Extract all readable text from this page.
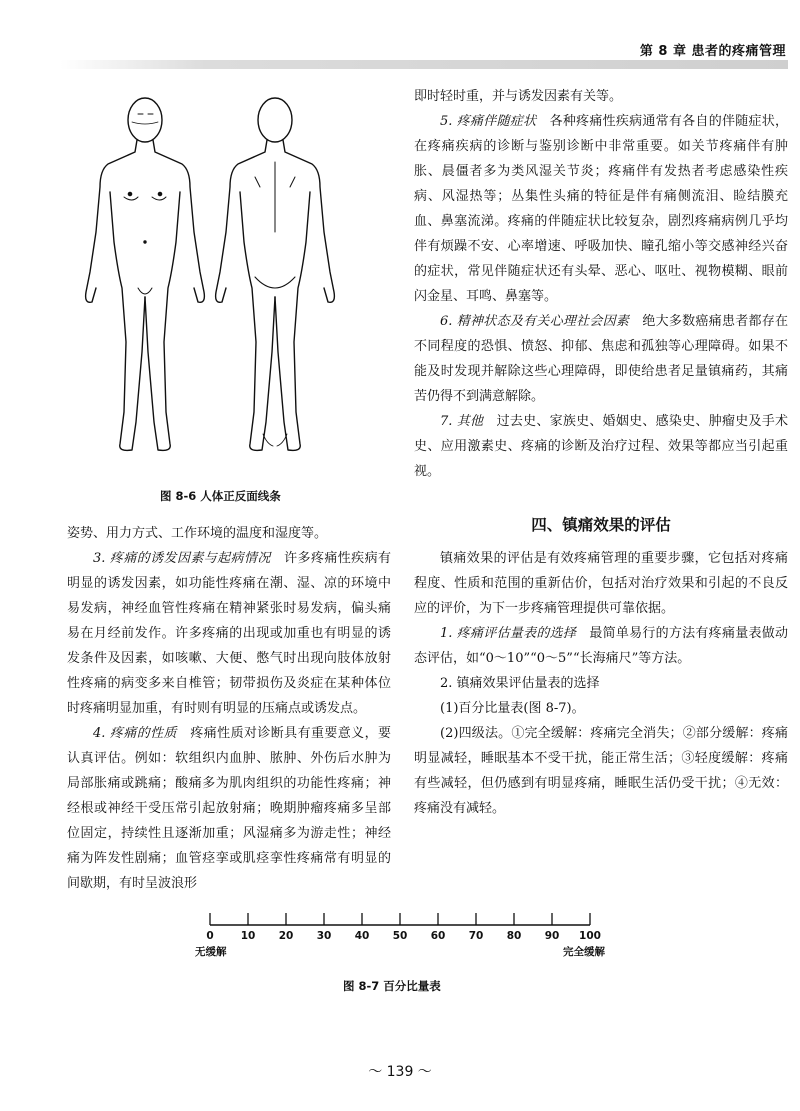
第 8 章 患者的疼痛管理
图 8-6 人体正反面线条

姿势、用力方式、工作环境的温度和湿度等。

3. 疼痛的诱发因素与起病情况　 许多疼痛性疾病有明显的诱发因素，如功能性疼痛在潮、湿、凉的环境中易发病，神经血管性疼痛在精神紧张时易发病，偏头痛易在月经前发作。许多疼痛的出现或加重也有明显的诱发条件及因素，如咳嗽、大便、憋气时出现向肢体放射性疼痛的病变多来自椎管；韧带损伤及炎症在某种体位时疼痛明显加重，有时则有明显的压痛点或诱发点。

4. 疼痛的性质　 疼痛性质对诊断具有重要意义，要认真评估。例如：软组织内血肿、脓肿、外伤后水肿为局部胀痛或跳痛；酸痛多为肌肉组织的功能性疼痛；神经根或神经干受压常引起放射痛；晚期肿瘤疼痛多呈部位固定，持续性且逐渐加重；风湿痛多为游走性；神经痛为阵发性剧痛；血管痉挛或肌痉挛性疼痛常有明显的间歇期，有时呈波浪形

即时轻时重，并与诱发因素有关等。

5. 疼痛伴随症状　 各种疼痛性疾病通常有各自的伴随症状，在疼痛疾病的诊断与鉴别诊断中非常重要。如关节疼痛伴有肿胀、晨僵者多为类风湿关节炎；疼痛伴有发热者考虑感染性疾病、风湿热等；丛集性头痛的特征是伴有痛侧流泪、睑结膜充血、鼻塞流涕。疼痛的伴随症状比较复杂，剧烈疼痛病例几乎均伴有烦躁不安、心率增速、呼吸加快、瞳孔缩小等交感神经兴奋的症状，常见伴随症状还有头晕、恶心、呕吐、视物模糊、眼前闪金星、耳鸣、鼻塞等。

6. 精神状态及有关心理社会因素　 绝大多数癌痛患者都存在不同程度的恐惧、愤怒、抑郁、焦虑和孤独等心理障碍。如果不能及时发现并解除这些心理障碍，即使给患者足量镇痛药，其痛苦仍得不到满意解除。

7. 其他　 过去史、家族史、婚姻史、感染史、肿瘤史及手术史、应用激素史、疼痛的诊断及治疗过程、效果等都应当引起重视。

四、镇痛效果的评估

镇痛效果的评估是有效疼痛管理的重要步骤，它包括对疼痛程度、性质和范围的重新估价，包括对治疗效果和引起的不良反应的评价，为下一步疼痛管理提供可靠依据。

1. 疼痛评估量表的选择　 最简单易行的方法有疼痛量表做动态评估，如“0～10”“0～5”“长海痛尺”等方法。

2. 镇痛效果评估量表的选择

(1)百分比量表(图 8-7)。

(2)四级法。①完全缓解：疼痛完全消失；②部分缓解：疼痛明显减轻，睡眠基本不受干扰，能正常生活；③轻度缓解：疼痛有些减轻，但仍感到有明显疼痛，睡眠生活仍受干扰；④无效：疼痛没有减轻。

0	10 20 30 40 50 60 70 80 90 100
无缓解	完全缓解
图 8-7 百分比量表
～ 139 ～
